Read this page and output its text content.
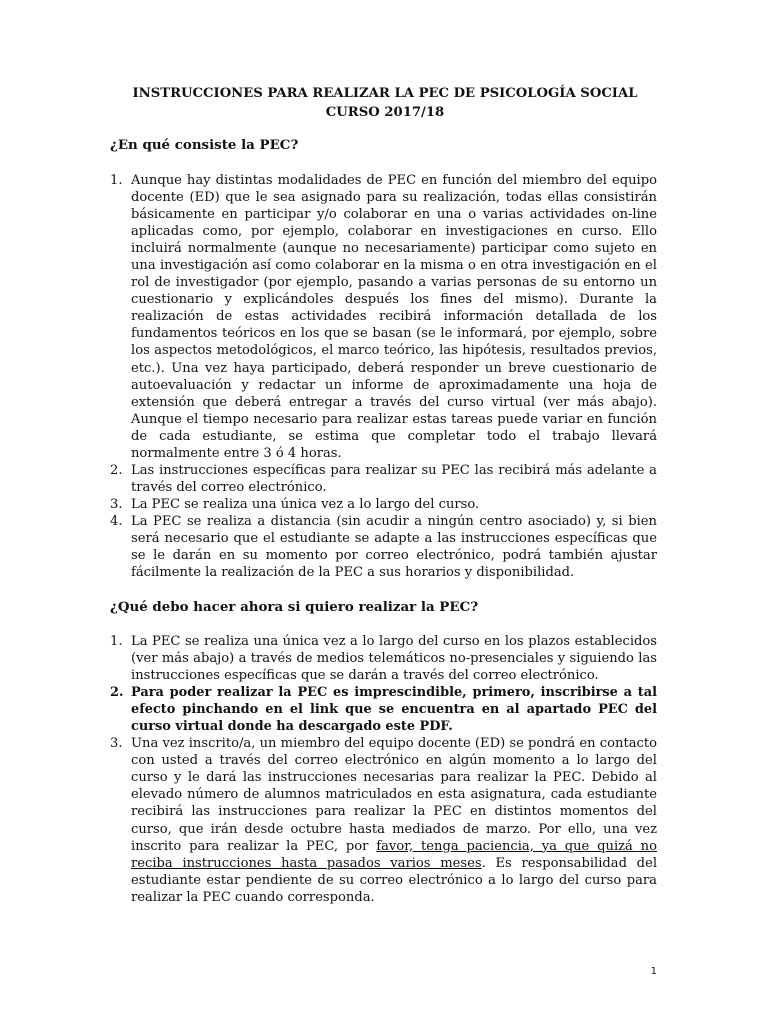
INSTRUCCIONES PARA REALIZAR LA PEC DE PSICOLOGÍA SOCIAL
CURSO 2017/18
¿En qué consiste la PEC?
1. Aunque hay distintas modalidades de PEC en función del miembro del equipo docente (ED) que le sea asignado para su realización, todas ellas consistirán básicamente en participar y/o colaborar en una o varias actividades on-line aplicadas como, por ejemplo, colaborar en investigaciones en curso. Ello incluirá normalmente (aunque no necesariamente) participar como sujeto en una investigación así como colaborar en la misma o en otra investigación en el rol de investigador (por ejemplo, pasando a varias personas de su entorno un cuestionario y explicándoles después los fines del mismo). Durante la realización de estas actividades recibirá información detallada de los fundamentos teóricos en los que se basan (se le informará, por ejemplo, sobre los aspectos metodológicos, el marco teórico, las hipótesis, resultados previos, etc.). Una vez haya participado, deberá responder un breve cuestionario de autoevaluación y redactar un informe de aproximadamente una hoja de extensión que deberá entregar a través del curso virtual (ver más abajo). Aunque el tiempo necesario para realizar estas tareas puede variar en función de cada estudiante, se estima que completar todo el trabajo llevará normalmente entre 3 ó 4 horas.
2. Las instrucciones específicas para realizar su PEC las recibirá más adelante a través del correo electrónico.
3. La PEC se realiza una única vez a lo largo del curso.
4. La PEC se realiza a distancia (sin acudir a ningún centro asociado) y, si bien será necesario que el estudiante se adapte a las instrucciones específicas que se le darán en su momento por correo electrónico, podrá también ajustar fácilmente la realización de la PEC a sus horarios y disponibilidad.
¿Qué debo hacer ahora si quiero realizar la PEC?
1. La PEC se realiza una única vez a lo largo del curso en los plazos establecidos (ver más abajo) a través de medios telemáticos no-presenciales y siguiendo las instrucciones específicas que se darán a través del correo electrónico.
2. Para poder realizar la PEC es imprescindible, primero, inscribirse a tal efecto pinchando en el link que se encuentra en al apartado PEC del curso virtual donde ha descargado este PDF.
3. Una vez inscrito/a, un miembro del equipo docente (ED) se pondrá en contacto con usted a través del correo electrónico en algún momento a lo largo del curso y le dará las instrucciones necesarias para realizar la PEC. Debido al elevado número de alumnos matriculados en esta asignatura, cada estudiante recibirá las instrucciones para realizar la PEC en distintos momentos del curso, que irán desde octubre hasta mediados de marzo. Por ello, una vez inscrito para realizar la PEC, por favor, tenga paciencia, ya que quizá no reciba instrucciones hasta pasados varios meses. Es responsabilidad del estudiante estar pendiente de su correo electrónico a lo largo del curso para realizar la PEC cuando corresponda.
1
